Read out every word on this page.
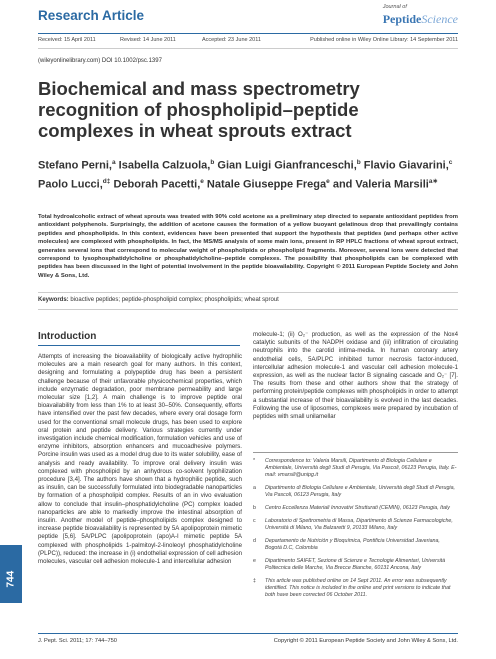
Research Article
Journal of
PeptideScience
Received: 15 April 2011	Revised: 14 June 2011	Accepted: 23 June 2011	Published online in Wiley Online Library: 14 September 2011
(wileyonlinelibrary.com) DOI 10.1002/psc.1397
Biochemical and mass spectrometry recognition of phospholipid–peptide complexes in wheat sprouts extract
Stefano Perni,$^a$ Isabella Calzuola,$^b$ Gian Luigi Gianfranceschi,$^b$ Flavio Giavarini,$^c$ Paolo Lucci,$^{d\ddagger}$ Deborah Pacetti,$^e$ Natale Giuseppe Frega$^e$ and Valeria Marsili$^{a∗}$

Total hydroalcoholic extract of wheat sprouts was treated with 90% cold acetone as a preliminary step directed to separate antioxidant peptides from antioxidant polyphenols. Surprisingly, the addition of acetone causes the formation of a yellow buoyant gelatinous drop that prevailingly contains peptides and phospholipids. In this context, evidences have been presented that support the hypothesis that peptides (and perhaps other active molecules) are complexed with phospholipids. In fact, the MS/MS analysis of some main ions, present in RP HPLC fractions of wheat sprout extract, generates several ions that correspond to molecular weight of phospholipids or phospholipid fragments. Moreover, several ions were detected that correspond to lysophosphatidylcholine or phosphatidylcholine–peptide complexes. The possibility that phospholipids can be complexed with peptides has been discussed in the light of potential involvement in the peptide bioavailability. Copyright © 2011 European Peptide Society and John Wiley & Sons, Ltd.

Keywords: bioactive peptides; peptide-phospholipid complex; phospholipids; wheat sprout
Introduction

Attempts of increasing the bioavailability of biologically active hydrophilic molecules are a main research goal for many authors. In this context, designing and formulating a polypeptide drug has been a persistent challenge because of their unfavorable physicochemical properties, which include enzymatic degradation, poor membrane permeability and large molecular size [1,2]. A main challenge is to improve peptide oral bioavailability from less than 1% to at least 30–50%. Consequently, efforts have intensified over the past few decades, where every oral dosage form used for the conventional small molecule drugs, has been used to explore oral protein and peptide delivery. Various strategies currently under investigation include chemical modification, formulation vehicles and use of enzyme inhibitors, absorption enhancers and mucoadhesive polymers. Porcine insulin was used as a model drug due to its water solubility, ease of analysis and ready availability. To improve oral delivery insulin was complexed with phospholipid by an anhydrous co-solvent lyophilization procedure [3,4]. The authors have shown that a hydrophilic peptide, such as insulin, can be successfully formulated into biodegradable nanoparticles by formation of a phospholipid complex. Results of an in vivo evaluation allow to conclude that insulin–phosphatidylcholine (PC) complex loaded nanoparticles are able to markedly improve the intestinal absorption of insulin. Another model of peptide–phospholipids complex designed to increase peptide bioavailability is represented by 5A apolipoprotein mimetic peptide [5,6]. 5A/PLPC (apolipoprotein (apo)A-I mimetic peptide 5A complexed with phospholipids 1-palmitoyl-2-linoleoyl phosphatidylcholine (PLPC)), reduced: the increase in (i) endothelial expression of cell adhesion molecules, vascular cell adhesion molecule-1 and intercellular adhesion

molecule-1; (ii) O₂⁻ production, as well as the expression of the Nox4 catalytic subunits of the NADPH oxidase and (iii) infiltration of circulating neutrophils into the carotid intima-media. In human coronary artery endothelial cells, 5A/PLPC inhibited tumor necrosis factor-induced, intercellular adhesion molecule-1 and vascular cell adhesion molecule-1 expression, as well as the nuclear factor B signaling cascade and O₂⁻ [7]. The results from these and other authors show that the strategy of performing protein/peptide complexes with phospholipids in order to attempt a substantial increase of their bioavailability is evolved in the last decades. Following the use of liposomes, complexes were prepared by incubation of peptides with small unilamellar

* Correspondence to: Valeria Marsili, Dipartimento di Biologia Cellulare e Ambientale, Università degli Studi di Perugia, Via Pascoli, 06123 Perugia, Italy. E-mail: vmarsili@unipg.it
a Dipartimento di Biologia Cellulare e Ambientale, Università degli Studi di Perugia, Via Pascoli, 06123 Perugia, Italy
b Centro Eccellenza Materiali Innovativi Strutturati (CEMIN), 06123 Perugia, Italy
c Laboratorio di Spettrometria di Massa, Dipartimento di Scienze Farmacologiche, Università di Milano, Via Balzaretti 9, 20133 Milano, Italy
d Departamento de Nutrición y Bioquímica, Pontificia Universidad Javeriana, Bogotá D.C, Colombia
e Dipartimento SAIFET, Sezione di Scienze e Tecnologie Alimentari, Università Politecnica delle Marche, Via Brecce Bianche, 60131 Ancona, Italy
‡ This article was published online on 14 Sept 2011. An error was subsequently identified. This notice is included in the online and print versions to indicate that both have been corrected 06 October 2011.
744
J. Pept. Sci. 2011; 17: 744–750	Copyright © 2011 European Peptide Society and John Wiley & Sons, Ltd.
